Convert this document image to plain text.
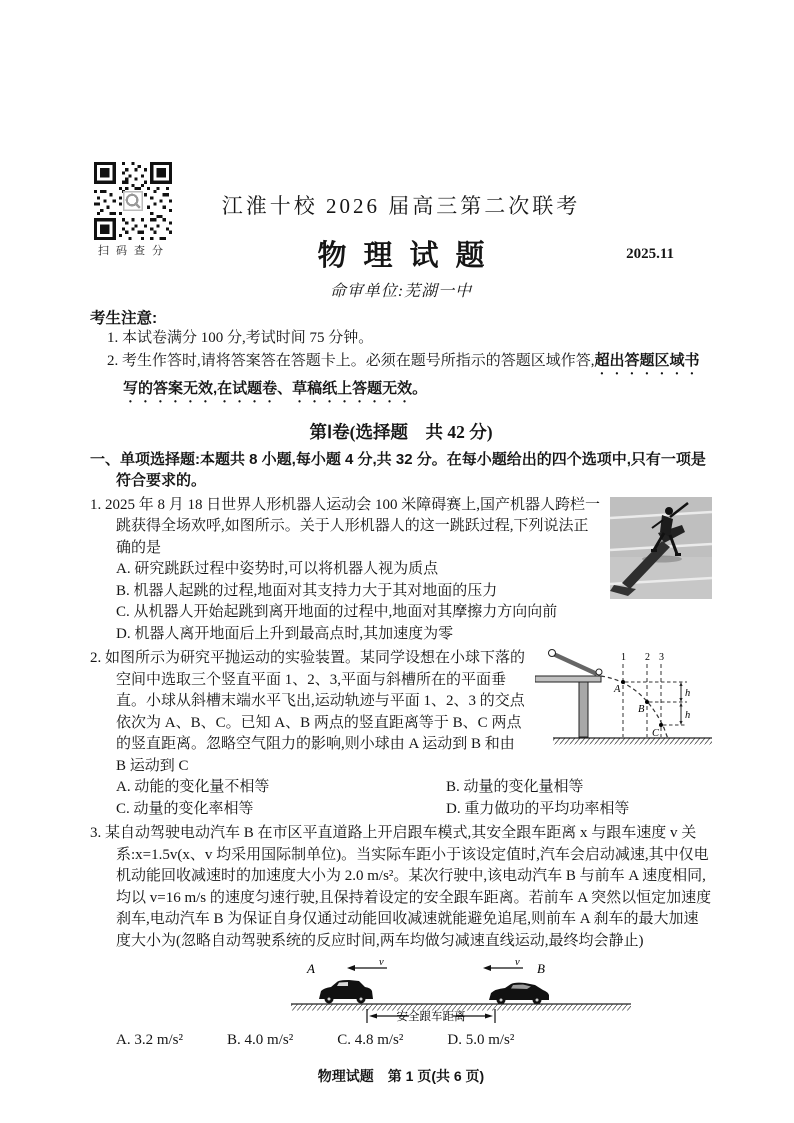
扫码查分
江淮十校 2026 届高三第二次联考
物理试题	2025.11
命审单位:芜湖一中
考生注意:
1. 本试卷满分 100 分,考试时间 75 分钟。
2. 考生作答时,请将答案答在答题卡上。必须在题号所指示的答题区域作答,超出答题区域书写的答案无效,在试题卷、草稿纸上答题无效。
第Ⅰ卷(选择题　共 42 分)
一、单项选择题:本题共 8 小题,每小题 4 分,共 32 分。在每小题给出的四个选项中,只有一项是符合要求的。

1. 2025 年 8 月 18 日世界人形机器人运动会 100 米障碍赛上,国产机器人跨栏一跳获得全场欢呼,如图所示。关于人形机器人的这一跳跃过程,下列说法正确的是

A. 研究跳跃过程中姿势时,可以将机器人视为质点
B. 机器人起跳的过程,地面对其支持力大于其对地面的压力
C. 从机器人开始起跳到离开地面的过程中,地面对其摩擦力方向向前
D. 机器人离开地面后上升到最高点时,其加速度为零
1 2 3
A
B
C
h
h

2. 如图所示为研究平抛运动的实验装置。某同学设想在小球下落的空间中选取三个竖直平面 1、2、3,平面与斜槽所在的平面垂直。小球从斜槽末端水平飞出,运动轨迹与平面 1、2、3 的交点依次为 A、B、C。已知 A、B 两点的竖直距离等于 B、C 两点的竖直距离。忽略空气阻力的影响,则小球由 A 运动到 B 和由 B 运动到 C

A. 动能的变化量不相等	B. 动量的变化量相等
C. 动量的变化率相等	D. 重力做功的平均功率相等

3. 某自动驾驶电动汽车 B 在市区平直道路上开启跟车模式,其安全跟车距离 x 与跟车速度 v 关系:x=1.5v(x、v 均采用国际制单位)。当实际车距小于该设定值时,汽车会启动减速,其中仅电机动能回收减速时的加速度大小为 2.0 m/s²。某次行驶中,该电动汽车 B 与前车 A 速度相同,均以 v=16 m/s 的速度匀速行驶,且保持着设定的安全跟车距离。若前车 A 突然以恒定加速度刹车,电动汽车 B 为保证自身仅通过动能回收减速就能避免追尾,则前车 A 刹车的最大加速度大小为(忽略自动驾驶系统的反应时间,两车均做匀减速直线运动,最终均会静止)

A	v	v B
安全跟车距离
A. 3.2 m/s²	B. 4.0 m/s²	C. 4.8 m/s²	D. 5.0 m/s²
物理试题　第 1 页(共 6 页)
